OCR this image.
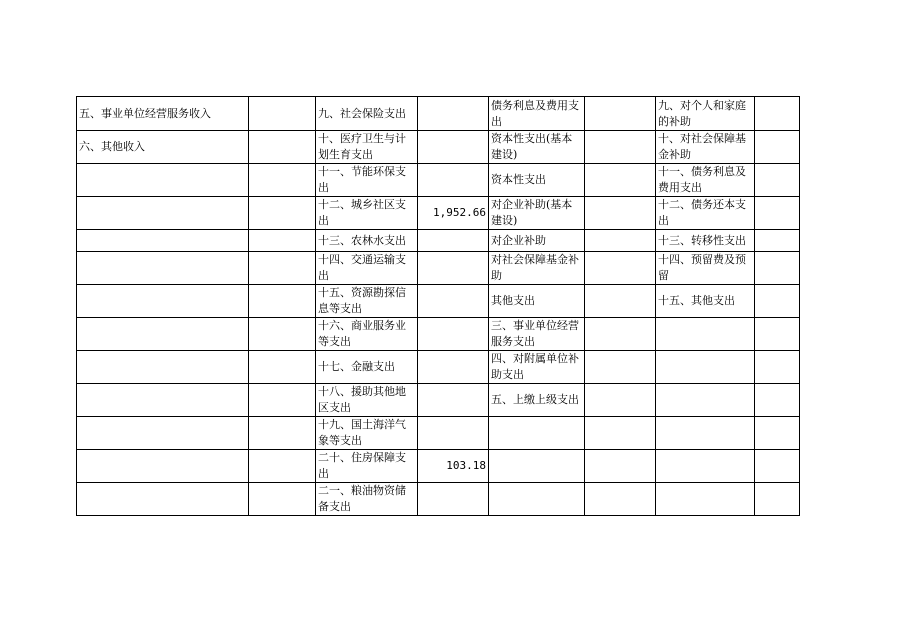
五、事业单位经营服务收入		九、社会保险支出		债务利息及费用支出		九、对个人和家庭的补助	
六、其他收入		十、医疗卫生与计划生育支出		资本性支出(基本建设)		十、对社会保障基金补助	
		十一、节能环保支出		资本性支出		十一、债务利息及费用支出	
		十二、城乡社区支出	1,952.66	对企业补助(基本建设)		十二、债务还本支出	
		十三、农林水支出		对企业补助		十三、转移性支出	
		十四、交通运输支出		对社会保障基金补助		十四、预留费及预留	
		十五、资源勘探信息等支出		其他支出		十五、其他支出	
		十六、商业服务业等支出		三、事业单位经营服务支出			
		十七、金融支出		四、对附属单位补助支出			
		十八、援助其他地区支出		五、上缴上级支出			
		十九、国土海洋气象等支出					
		二十、住房保障支出	103.18				
		二一、粮油物资储备支出					
